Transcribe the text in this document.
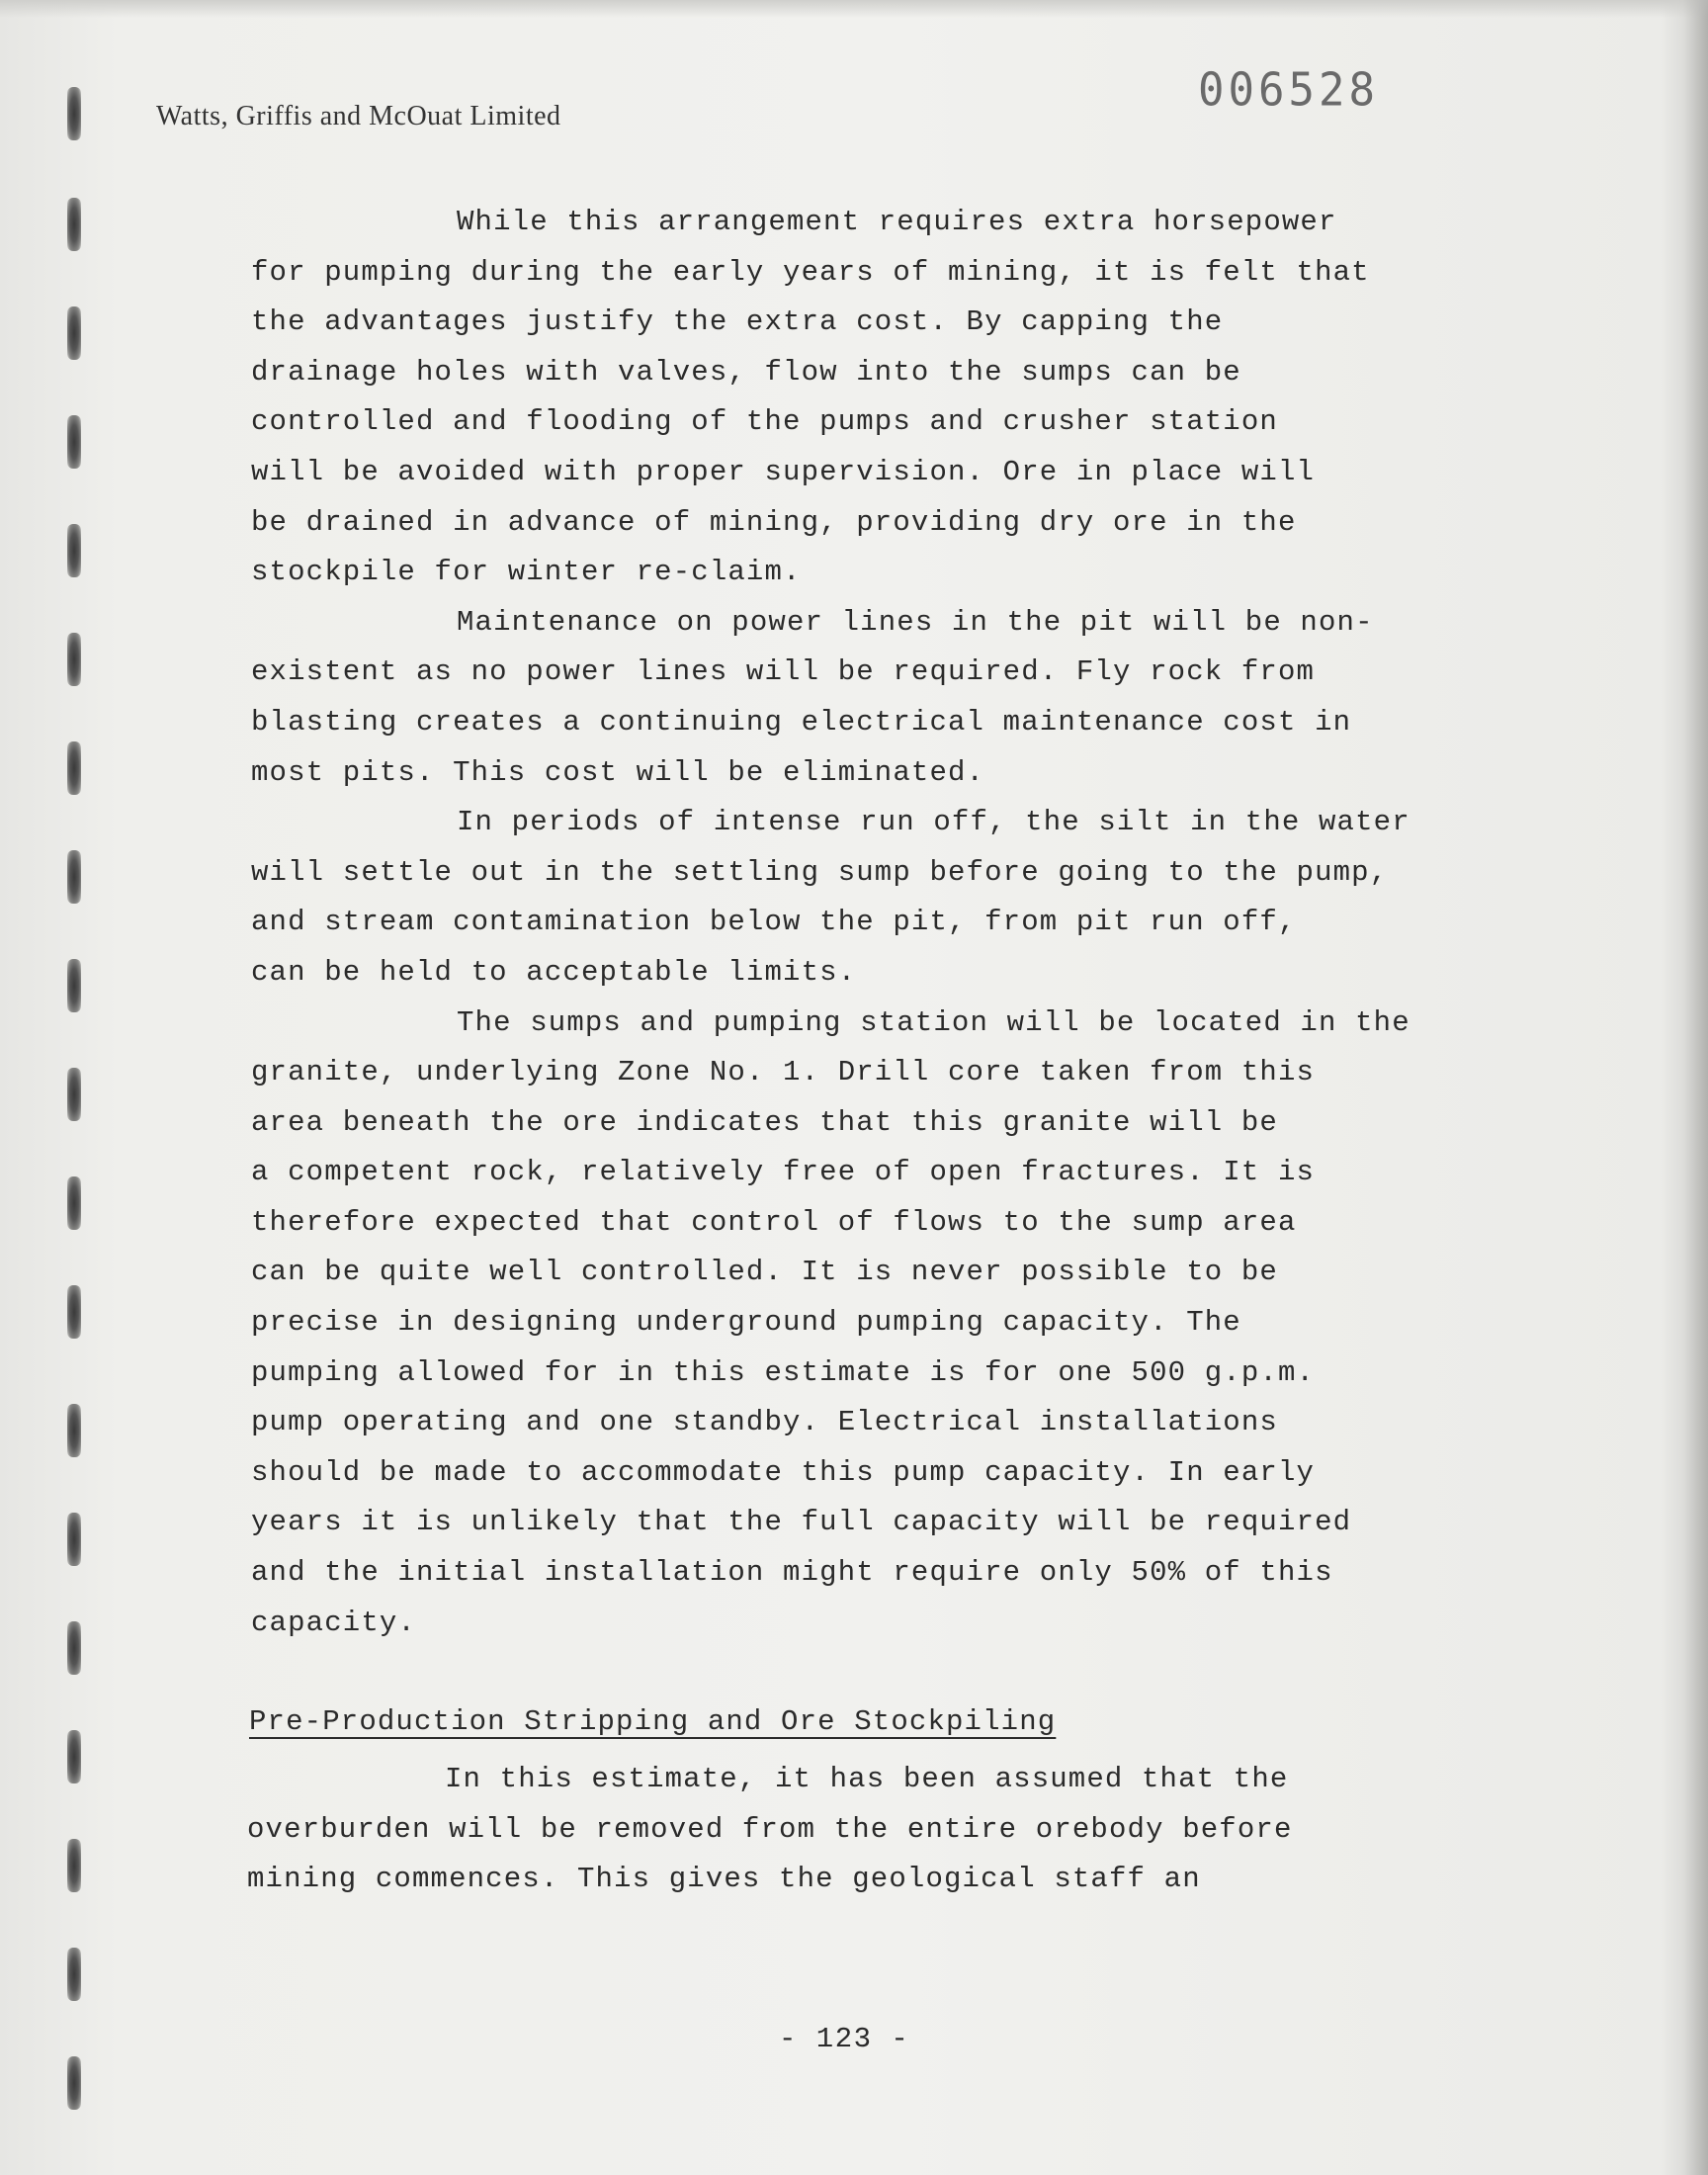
Watts, Griffis and McOuat Limited	006528

While this arrangement requires extra horsepower
for pumping during the early years of mining, it is felt that
the advantages justify the extra cost. By capping the
drainage holes with valves, flow into the sumps can be
controlled and flooding of the pumps and crusher station
will be avoided with proper supervision. Ore in place will
be drained in advance of mining, providing dry ore in the
stockpile for winter re-claim.

Maintenance on power lines in the pit will be non-
existent as no power lines will be required. Fly rock from
blasting creates a continuing electrical maintenance cost in
most pits. This cost will be eliminated.

In periods of intense run off, the silt in the water
will settle out in the settling sump before going to the pump,
and stream contamination below the pit, from pit run off,
can be held to acceptable limits.

The sumps and pumping station will be located in the
granite, underlying Zone No. 1. Drill core taken from this
area beneath the ore indicates that this granite will be
a competent rock, relatively free of open fractures. It is
therefore expected that control of flows to the sump area
can be quite well controlled. It is never possible to be
precise in designing underground pumping capacity. The
pumping allowed for in this estimate is for one 500 g.p.m.
pump operating and one standby. Electrical installations
should be made to accommodate this pump capacity. In early
years it is unlikely that the full capacity will be required
and the initial installation might require only 50% of this
capacity.

Pre-Production Stripping and Ore Stockpiling

In this estimate, it has been assumed that the
overburden will be removed from the entire orebody before
mining commences. This gives the geological staff an

- 123 -
